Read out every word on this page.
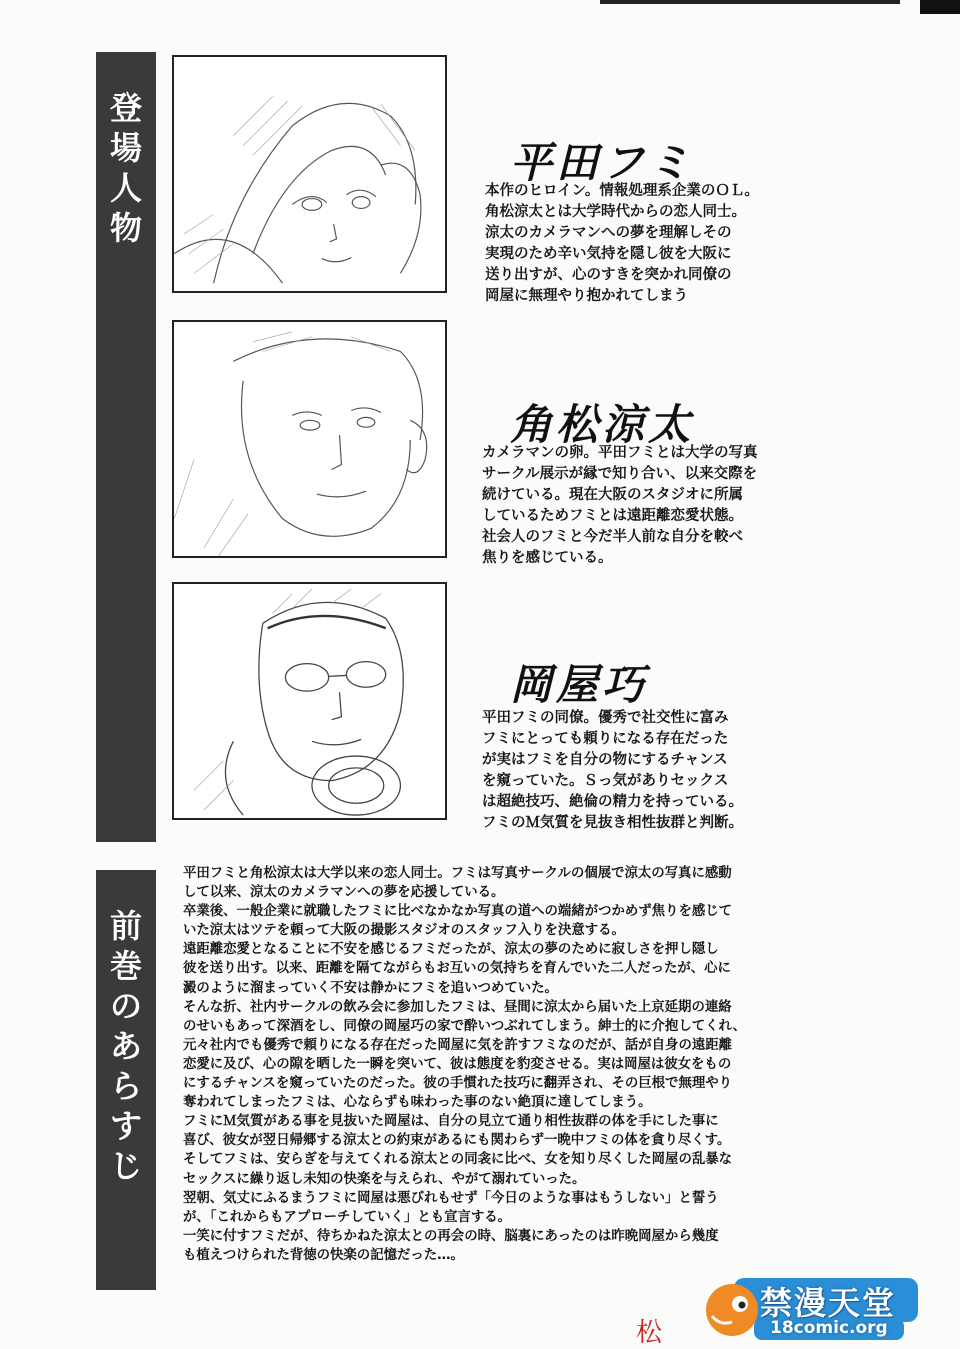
登
場
人
物
平田フミ
本作のヒロイン。情報処理系企業のＯＬ。
角松涼太とは大学時代からの恋人同士。
涼太のカメラマンへの夢を理解しその
実現のため辛い気持を隠し彼を大阪に
送り出すが、心のすきを突かれ同僚の
岡屋に無理やり抱かれてしまう
角松涼太
カメラマンの卵。平田フミとは大学の写真
サークル展示が縁で知り合い、以来交際を
続けている。現在大阪のスタジオに所属
しているためフミとは遠距離恋愛状態。
社会人のフミと今だ半人前な自分を較べ
焦りを感じている。
岡屋巧
平田フミの同僚。優秀で社交性に富み
フミにとっても頼りになる存在だった
が実はフミを自分の物にするチャンス
を窺っていた。Ｓっ気がありセックス
は超絶技巧、絶倫の精力を持っている。
フミのＭ気質を見抜き相性抜群と判断。
前
巻
の
あ
ら
す
じ

平田フミと角松涼太は大学以来の恋人同士。フミは写真サークルの個展で涼太の写真に感動
して以来、涼太のカメラマンへの夢を応援している。

卒業後、一般企業に就職したフミに比べなかなか写真の道への端緒がつかめず焦りを感じて
いた涼太はツテを頼って大阪の撮影スタジオのスタッフ入りを決意する。

遠距離恋愛となることに不安を感じるフミだったが、涼太の夢のために寂しさを押し隠し
彼を送り出す。以来、距離を隔てながらもお互いの気持ちを育んでいた二人だったが、心に
澱のように溜まっていく不安は静かにフミを追いつめていた。

そんな折、社内サークルの飲み会に参加したフミは、昼間に涼太から届いた上京延期の連絡
のせいもあって深酒をし、同僚の岡屋巧の家で酔いつぶれてしまう。紳士的に介抱してくれ、
元々社内でも優秀で頼りになる存在だった岡屋に気を許すフミなのだが、話が自身の遠距離
恋愛に及び、心の隙を晒した一瞬を突いて、彼は態度を豹変させる。実は岡屋は彼女をもの
にするチャンスを窺っていたのだった。彼の手慣れた技巧に翻弄され、その巨根で無理やり
奪われてしまったフミは、心ならずも味わった事のない絶頂に達してしまう。

フミにＭ気質がある事を見抜いた岡屋は、自分の見立て通り相性抜群の体を手にした事に
喜び、彼女が翌日帰郷する涼太との約束があるにも関わらず一晩中フミの体を貪り尽くす。
そしてフミは、安らぎを与えてくれる涼太との同衾に比べ、女を知り尽くした岡屋の乱暴な
セックスに繰り返し未知の快楽を与えられ、やがて溺れていった。

翌朝、気丈にふるまうフミに岡屋は悪びれもせず「今日のような事はもうしない」と誓う
が、「これからもアプローチしていく」とも宣言する。

一笑に付すフミだが、待ちかねた涼太との再会の時、脳裏にあったのは昨晩岡屋から幾度
も植えつけられた背徳の快楽の記憶だった…。

松
禁漫天堂
18comic.org
